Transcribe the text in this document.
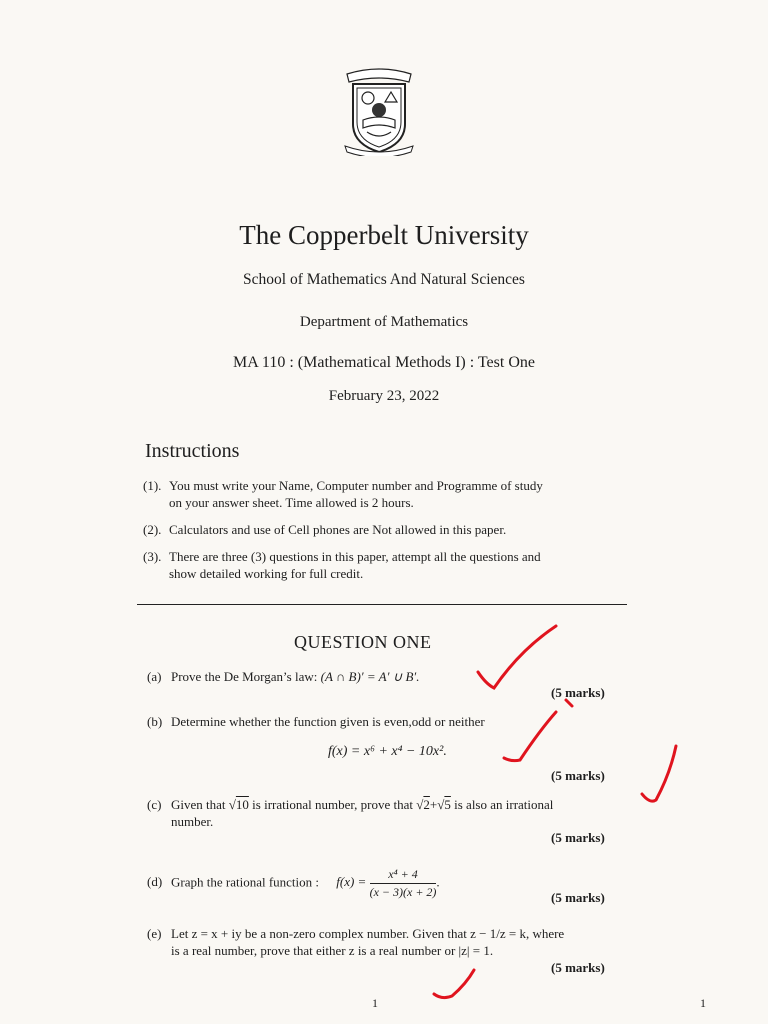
The Copperbelt University
School of Mathematics And Natural Sciences
Department of Mathematics
MA 110 : (Mathematical Methods I) : Test One
February 23, 2022
Instructions
(1). You must write your Name, Computer number and Programme of study
on your answer sheet. Time allowed is 2 hours.
(2). Calculators and use of Cell phones are Not allowed in this paper.
(3). There are three (3) questions in this paper, attempt all the questions and
show detailed working for full credit.
QUESTION ONE
(a) Prove the De Morgan’s law: (A ∩ B)′ = A′ ∪ B′.
(5 marks)
(b) Determine whether the function given is even,odd or neither
f(x) = x⁶ + x⁴ − 10x².
(5 marks)
(c) Given that √10 is irrational number, prove that √2+√5 is also an irrational
number.
(5 marks)
(d) Graph the rational function : $f(x) = \frac{\text{x⁴ + 4}}{(x - 3)(x + 2)}$ .
(5 marks)
(e) Let z = x + iy be a non-zero complex number. Given that z − 1/z = k, where
is a real number, prove that either z is a real number or |z| = 1.
(5 marks)
1	1
